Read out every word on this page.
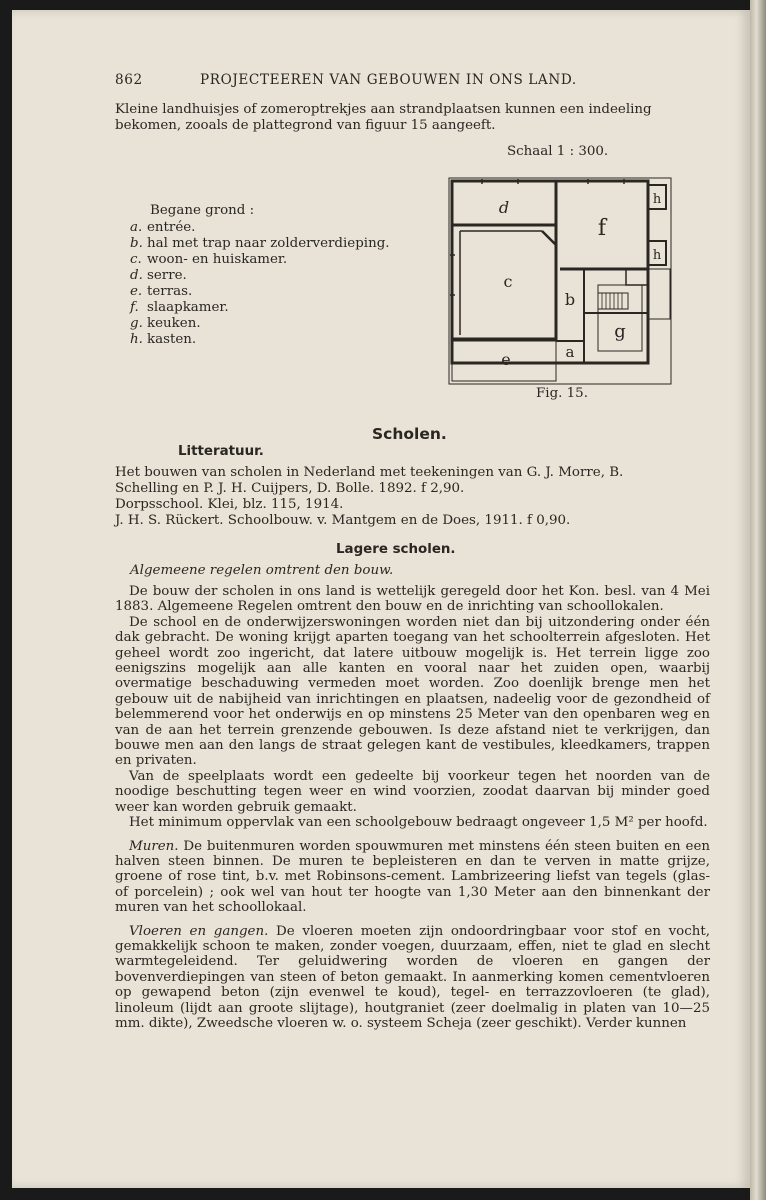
862	PROJECTEEREN VAN GEBOUWEN IN ONS LAND.
Kleine landhuisjes of zomeroptrekjes aan strandplaatsen kunnen een indeeling
bekomen, zooals de plattegrond van figuur 15 aangeeft.
Schaal 1 : 300.
Begane grond :
a. entrée.
b. hal met trap naar zolderverdieping.
c. woon- en huiskamer.
d. serre.
e. terras.
f. slaapkamer.
g. keuken.
h. kasten.
d
c
e
f
b
g
a
h
h
Fig. 15.
Scholen.
Litteratuur.
Het bouwen van scholen in Nederland met teekeningen van G. J. Morre, B.
Schelling en P. J. H. Cuijpers, D. Bolle. 1892. f 2,90.
Dorpsschool. Klei, blz. 115, 1914.
J. H. S. Rückert. Schoolbouw. v. Mantgem en de Does, 1911. f 0,90.
Lagere scholen.
Algemeene regelen omtrent den bouw.

De bouw der scholen in ons land is wettelijk geregeld door het Kon. besl. van 4 Mei 1883. Algemeene Regelen omtrent den bouw en de inrichting van schoollokalen.

De school en de onderwijzerswoningen worden niet dan bij uitzondering onder één dak gebracht. De woning krijgt aparten toegang van het schoolterrein afgesloten. Het geheel wordt zoo ingericht, dat latere uitbouw mogelijk is. Het terrein ligge zoo eenigszins mogelijk aan alle kanten en vooral naar het zuiden open, waarbij overmatige beschaduwing vermeden moet worden. Zoo doenlijk brenge men het gebouw uit de nabijheid van inrichtingen en plaatsen, nadeelig voor de gezondheid of belemmerend voor het onderwijs en op minstens 25 Meter van den openbaren weg en van de aan het terrein grenzende gebouwen. Is deze afstand niet te verkrijgen, dan bouwe men aan den langs de straat gelegen kant de vestibules, kleedkamers, trappen en privaten.

Van de speelplaats wordt een gedeelte bij voorkeur tegen het noorden van de noodige beschutting tegen weer en wind voorzien, zoodat daarvan bij minder goed weer kan worden gebruik gemaakt.

Het minimum oppervlak van een schoolgebouw bedraagt ongeveer 1,5 M² per hoofd.

Muren. De buitenmuren worden spouwmuren met minstens één steen buiten en een halven steen binnen. De muren te bepleisteren en dan te verven in matte grijze, groene of rose tint, b.v. met Robinsons-cement. Lambrizeering liefst van tegels (glas- of porcelein) ; ook wel van hout ter hoogte van 1,30 Meter aan den binnenkant der muren van het schoollokaal.

Vloeren en gangen. De vloeren moeten zijn ondoordringbaar voor stof en vocht, gemakkelijk schoon te maken, zonder voegen, duurzaam, effen, niet te glad en slecht warmtegeleidend. Ter geluidwering worden de vloeren en gangen der bovenverdiepingen van steen of beton gemaakt. In aanmerking komen cementvloeren op gewapend beton (zijn evenwel te koud), tegel- en terrazzovloeren (te glad), linoleum (lijdt aan groote slijtage), houtgraniet (zeer doelmalig in platen van 10—25 mm. dikte), Zweedsche vloeren w. o. systeem Scheja (zeer geschikt). Verder kunnen
